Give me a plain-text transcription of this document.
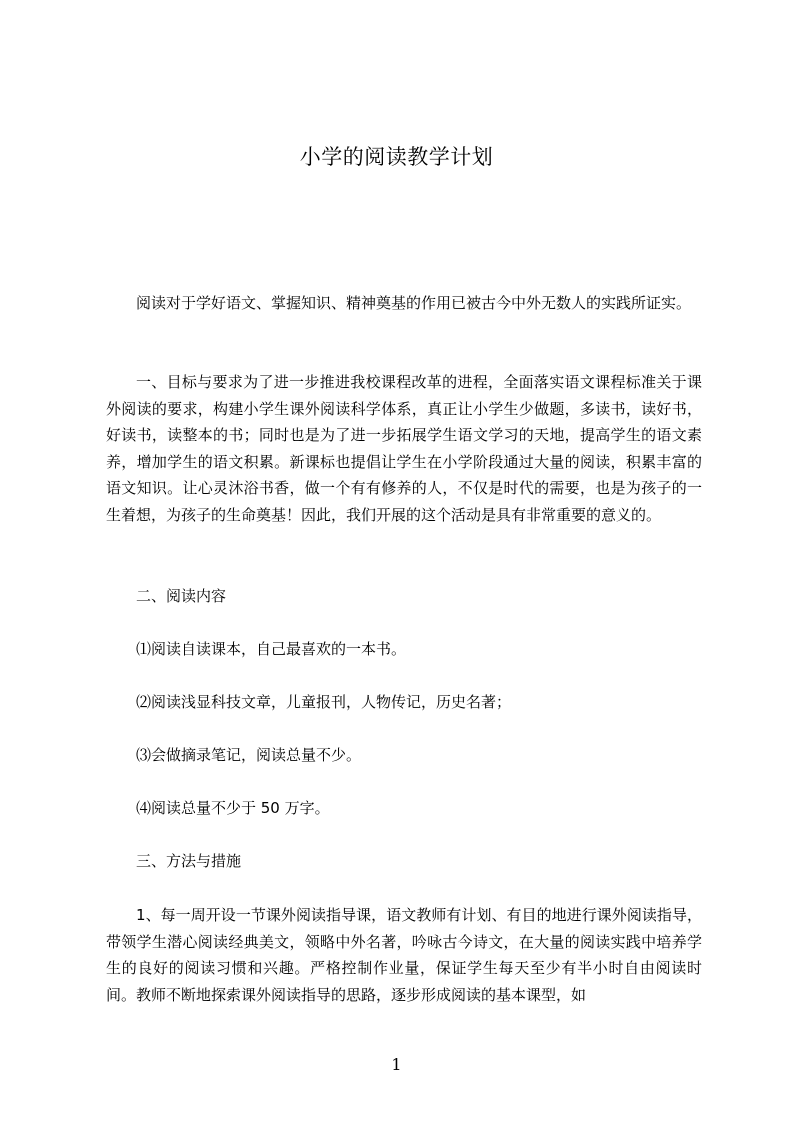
小学的阅读教学计划

阅读对于学好语文、掌握知识、精神奠基的作用已被古今中外无数人的实践所证实。

一、目标与要求为了进一步推进我校课程改革的进程，全面落实语文课程标准关于课外阅读的要求，构建小学生课外阅读科学体系，真正让小学生少做题，多读书，读好书，好读书，读整本的书；同时也是为了进一步拓展学生语文学习的天地，提高学生的语文素养，增加学生的语文积累。新课标也提倡让学生在小学阶段通过大量的阅读，积累丰富的语文知识。让心灵沐浴书香，做一个有有修养的人，不仅是时代的需要，也是为孩子的一生着想，为孩子的生命奠基！因此，我们开展的这个活动是具有非常重要的意义的。

二、阅读内容

⑴阅读自读课本，自己最喜欢的一本书。

⑵阅读浅显科技文章，儿童报刊，人物传记，历史名著；

⑶会做摘录笔记，阅读总量不少。

⑷阅读总量不少于 50 万字。

三、方法与措施

1、每一周开设一节课外阅读指导课，语文教师有计划、有目的地进行课外阅读指导，带领学生潜心阅读经典美文，领略中外名著，吟咏古今诗文，在大量的阅读实践中培养学生的良好的阅读习惯和兴趣。严格控制作业量，保证学生每天至少有半小时自由阅读时间。教师不断地探索课外阅读指导的思路，逐步形成阅读的基本课型，如

1
